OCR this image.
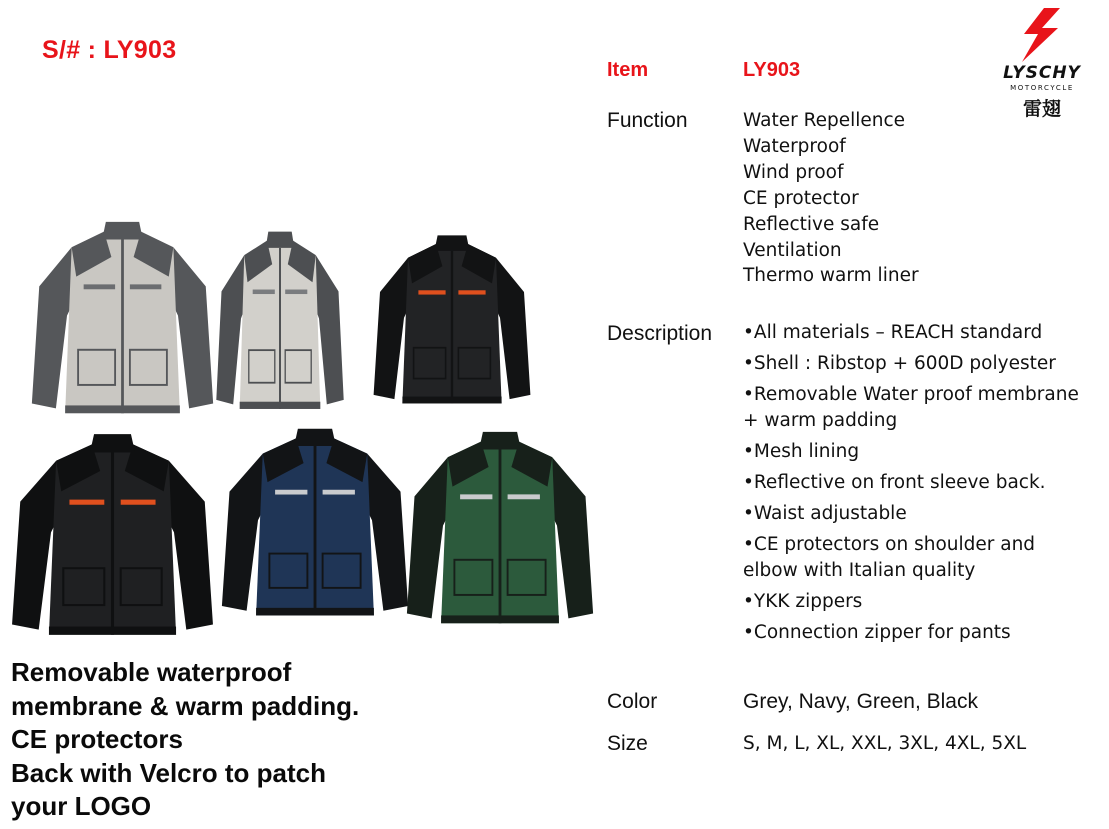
S/# : LY903
LYSCHY
MOTORCYCLE
雷翅
Removable waterproof
membrane & warm padding.
CE protectors
Back with Velcro to patch
your LOGO
Item	LY903
Function	Water Repellence
Waterproof
Wind proof
CE protector
Reflective safe
Ventilation
Thermo warm liner
Description •All materials – REACH standard
•Shell : Ribstop + 600D polyester
•Removable Water proof membrane + warm padding
•Mesh lining
•Reflective on front sleeve back.
•Waist adjustable
•CE protectors on shoulder and elbow with Italian quality
•YKK zippers
•Connection zipper for pants
Color	Grey, Navy, Green, Black
Size	S, M, L, XL, XXL, 3XL, 4XL, 5XL
